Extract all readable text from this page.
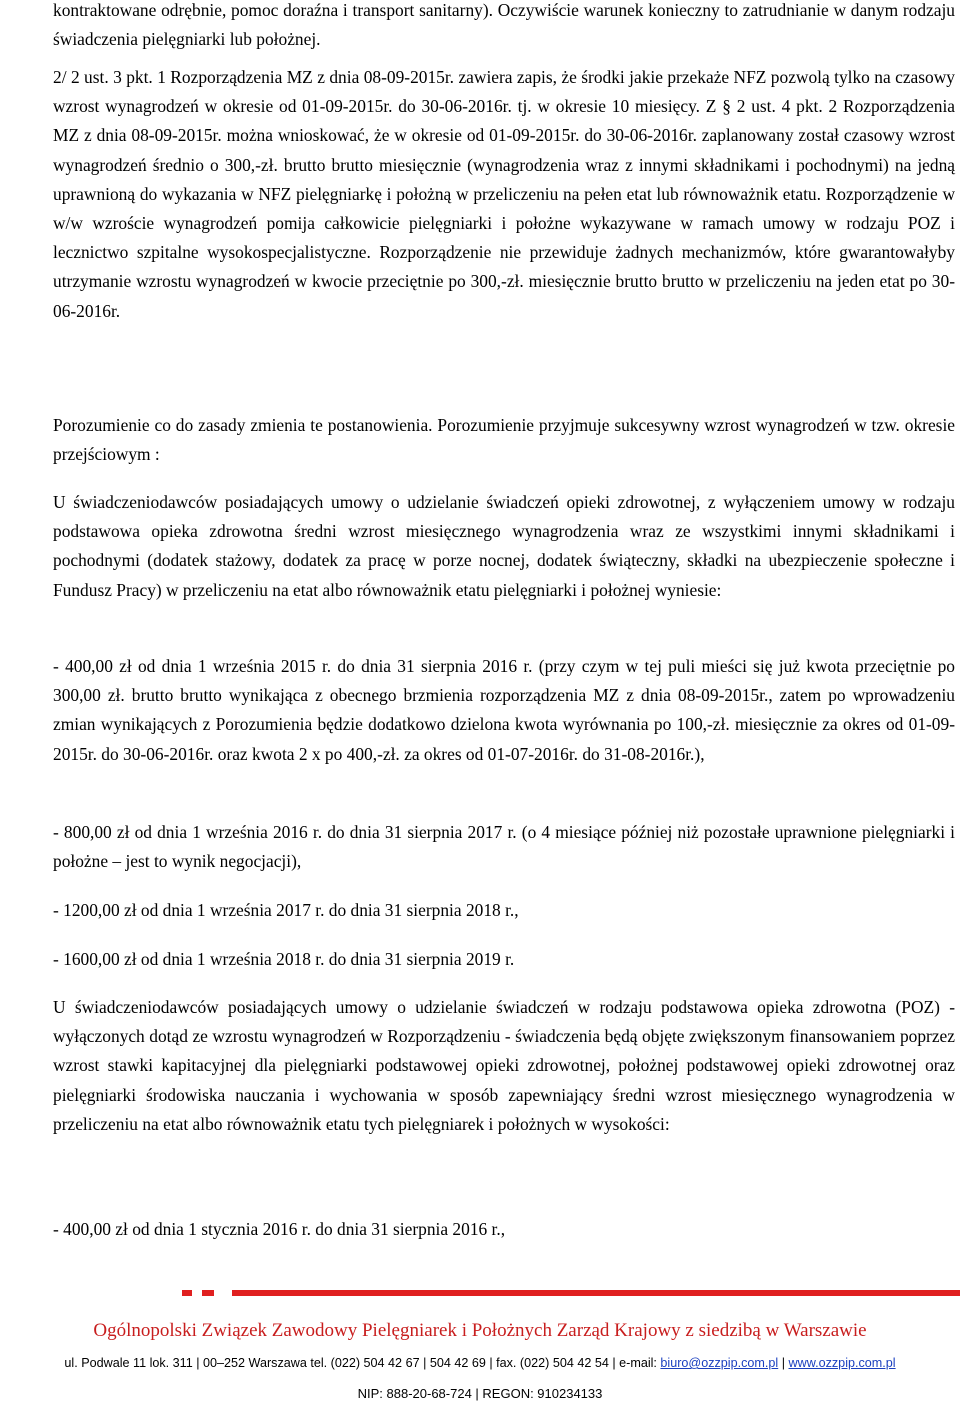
kontraktowane odrębnie, pomoc doraźna i transport sanitarny). Oczywiście warunek konieczny to zatrudnianie w danym rodzaju świadczenia pielęgniarki lub położnej.

2/ 2 ust. 3 pkt. 1 Rozporządzenia MZ z dnia 08-09-2015r. zawiera zapis, że środki jakie przekaże NFZ pozwolą tylko na czasowy wzrost wynagrodzeń w okresie od 01-09-2015r. do 30-06-2016r. tj. w okresie 10 miesięcy. Z § 2 ust. 4 pkt. 2 Rozporządzenia MZ z dnia 08-09-2015r. można wnioskować, że w okresie od 01-09-2015r. do 30-06-2016r. zaplanowany został czasowy wzrost wynagrodzeń średnio o 300,-zł. brutto brutto miesięcznie (wynagrodzenia wraz z innymi składnikami i pochodnymi) na jedną uprawnioną do wykazania w NFZ pielęgniarkę i położną w przeliczeniu na pełen etat lub równoważnik etatu. Rozporządzenie w w/w wzroście wynagrodzeń pomija całkowicie pielęgniarki i położne wykazywane w ramach umowy w rodzaju POZ i lecznictwo szpitalne wysokospecjalistyczne. Rozporządzenie nie przewiduje żadnych mechanizmów, które gwarantowałyby utrzymanie wzrostu wynagrodzeń w kwocie przeciętnie po 300,-zł. miesięcznie brutto brutto w przeliczeniu na jeden etat po 30-06-2016r.

Porozumienie co do zasady zmienia te postanowienia. Porozumienie przyjmuje sukcesywny wzrost wynagrodzeń w tzw. okresie przejściowym :

U świadczeniodawców posiadających umowy o udzielanie świadczeń opieki zdrowotnej, z wyłączeniem umowy w rodzaju podstawowa opieka zdrowotna średni wzrost miesięcznego wynagrodzenia wraz ze wszystkimi innymi składnikami i pochodnymi (dodatek stażowy, dodatek za pracę w porze nocnej, dodatek świąteczny, składki na ubezpieczenie społeczne i Fundusz Pracy) w przeliczeniu na etat albo równoważnik etatu pielęgniarki i położnej wyniesie:

- 400,00 zł od dnia 1 września 2015 r. do dnia 31 sierpnia 2016 r. (przy czym w tej puli mieści się już kwota przeciętnie po 300,00 zł. brutto brutto wynikająca z obecnego brzmienia rozporządzenia MZ z dnia 08-09-2015r., zatem po wprowadzeniu zmian wynikających z Porozumienia będzie dodatkowo dzielona kwota wyrównania po 100,-zł. miesięcznie za okres od 01-09-2015r. do 30-06-2016r. oraz kwota 2 x po 400,-zł. za okres od 01-07-2016r. do 31-08-2016r.),

- 800,00 zł od dnia 1 września 2016 r. do dnia 31 sierpnia 2017 r. (o 4 miesiące później niż pozostałe uprawnione pielęgniarki i położne – jest to wynik negocjacji),

- 1200,00 zł od dnia 1 września 2017 r. do dnia 31 sierpnia 2018 r.,

- 1600,00 zł od dnia 1 września 2018 r. do dnia 31 sierpnia 2019 r.

U świadczeniodawców posiadających umowy o udzielanie świadczeń w rodzaju podstawowa opieka zdrowotna (POZ) - wyłączonych dotąd ze wzrostu wynagrodzeń w Rozporządzeniu - świadczenia będą objęte zwiększonym finansowaniem poprzez wzrost stawki kapitacyjnej dla pielęgniarki podstawowej opieki zdrowotnej, położnej podstawowej opieki zdrowotnej oraz pielęgniarki środowiska nauczania i wychowania w sposób zapewniający średni wzrost miesięcznego wynagrodzenia w przeliczeniu na etat albo równoważnik etatu tych pielęgniarek i położnych w wysokości:

- 400,00 zł od dnia 1 stycznia 2016 r. do dnia 31 sierpnia 2016 r.,

Ogólnopolski Związek Zawodowy Pielęgniarek i Położnych Zarząd Krajowy z siedzibą w Warszawie
ul. Podwale 11 lok. 311 | 00–252 Warszawa tel. (022) 504 42 67 | 504 42 69 | fax. (022) 504 42 54 | e-mail: biuro@ozzpip.com.pl | www.ozzpip.com.pl
NIP: 888-20-68-724 | REGON: 910234133
